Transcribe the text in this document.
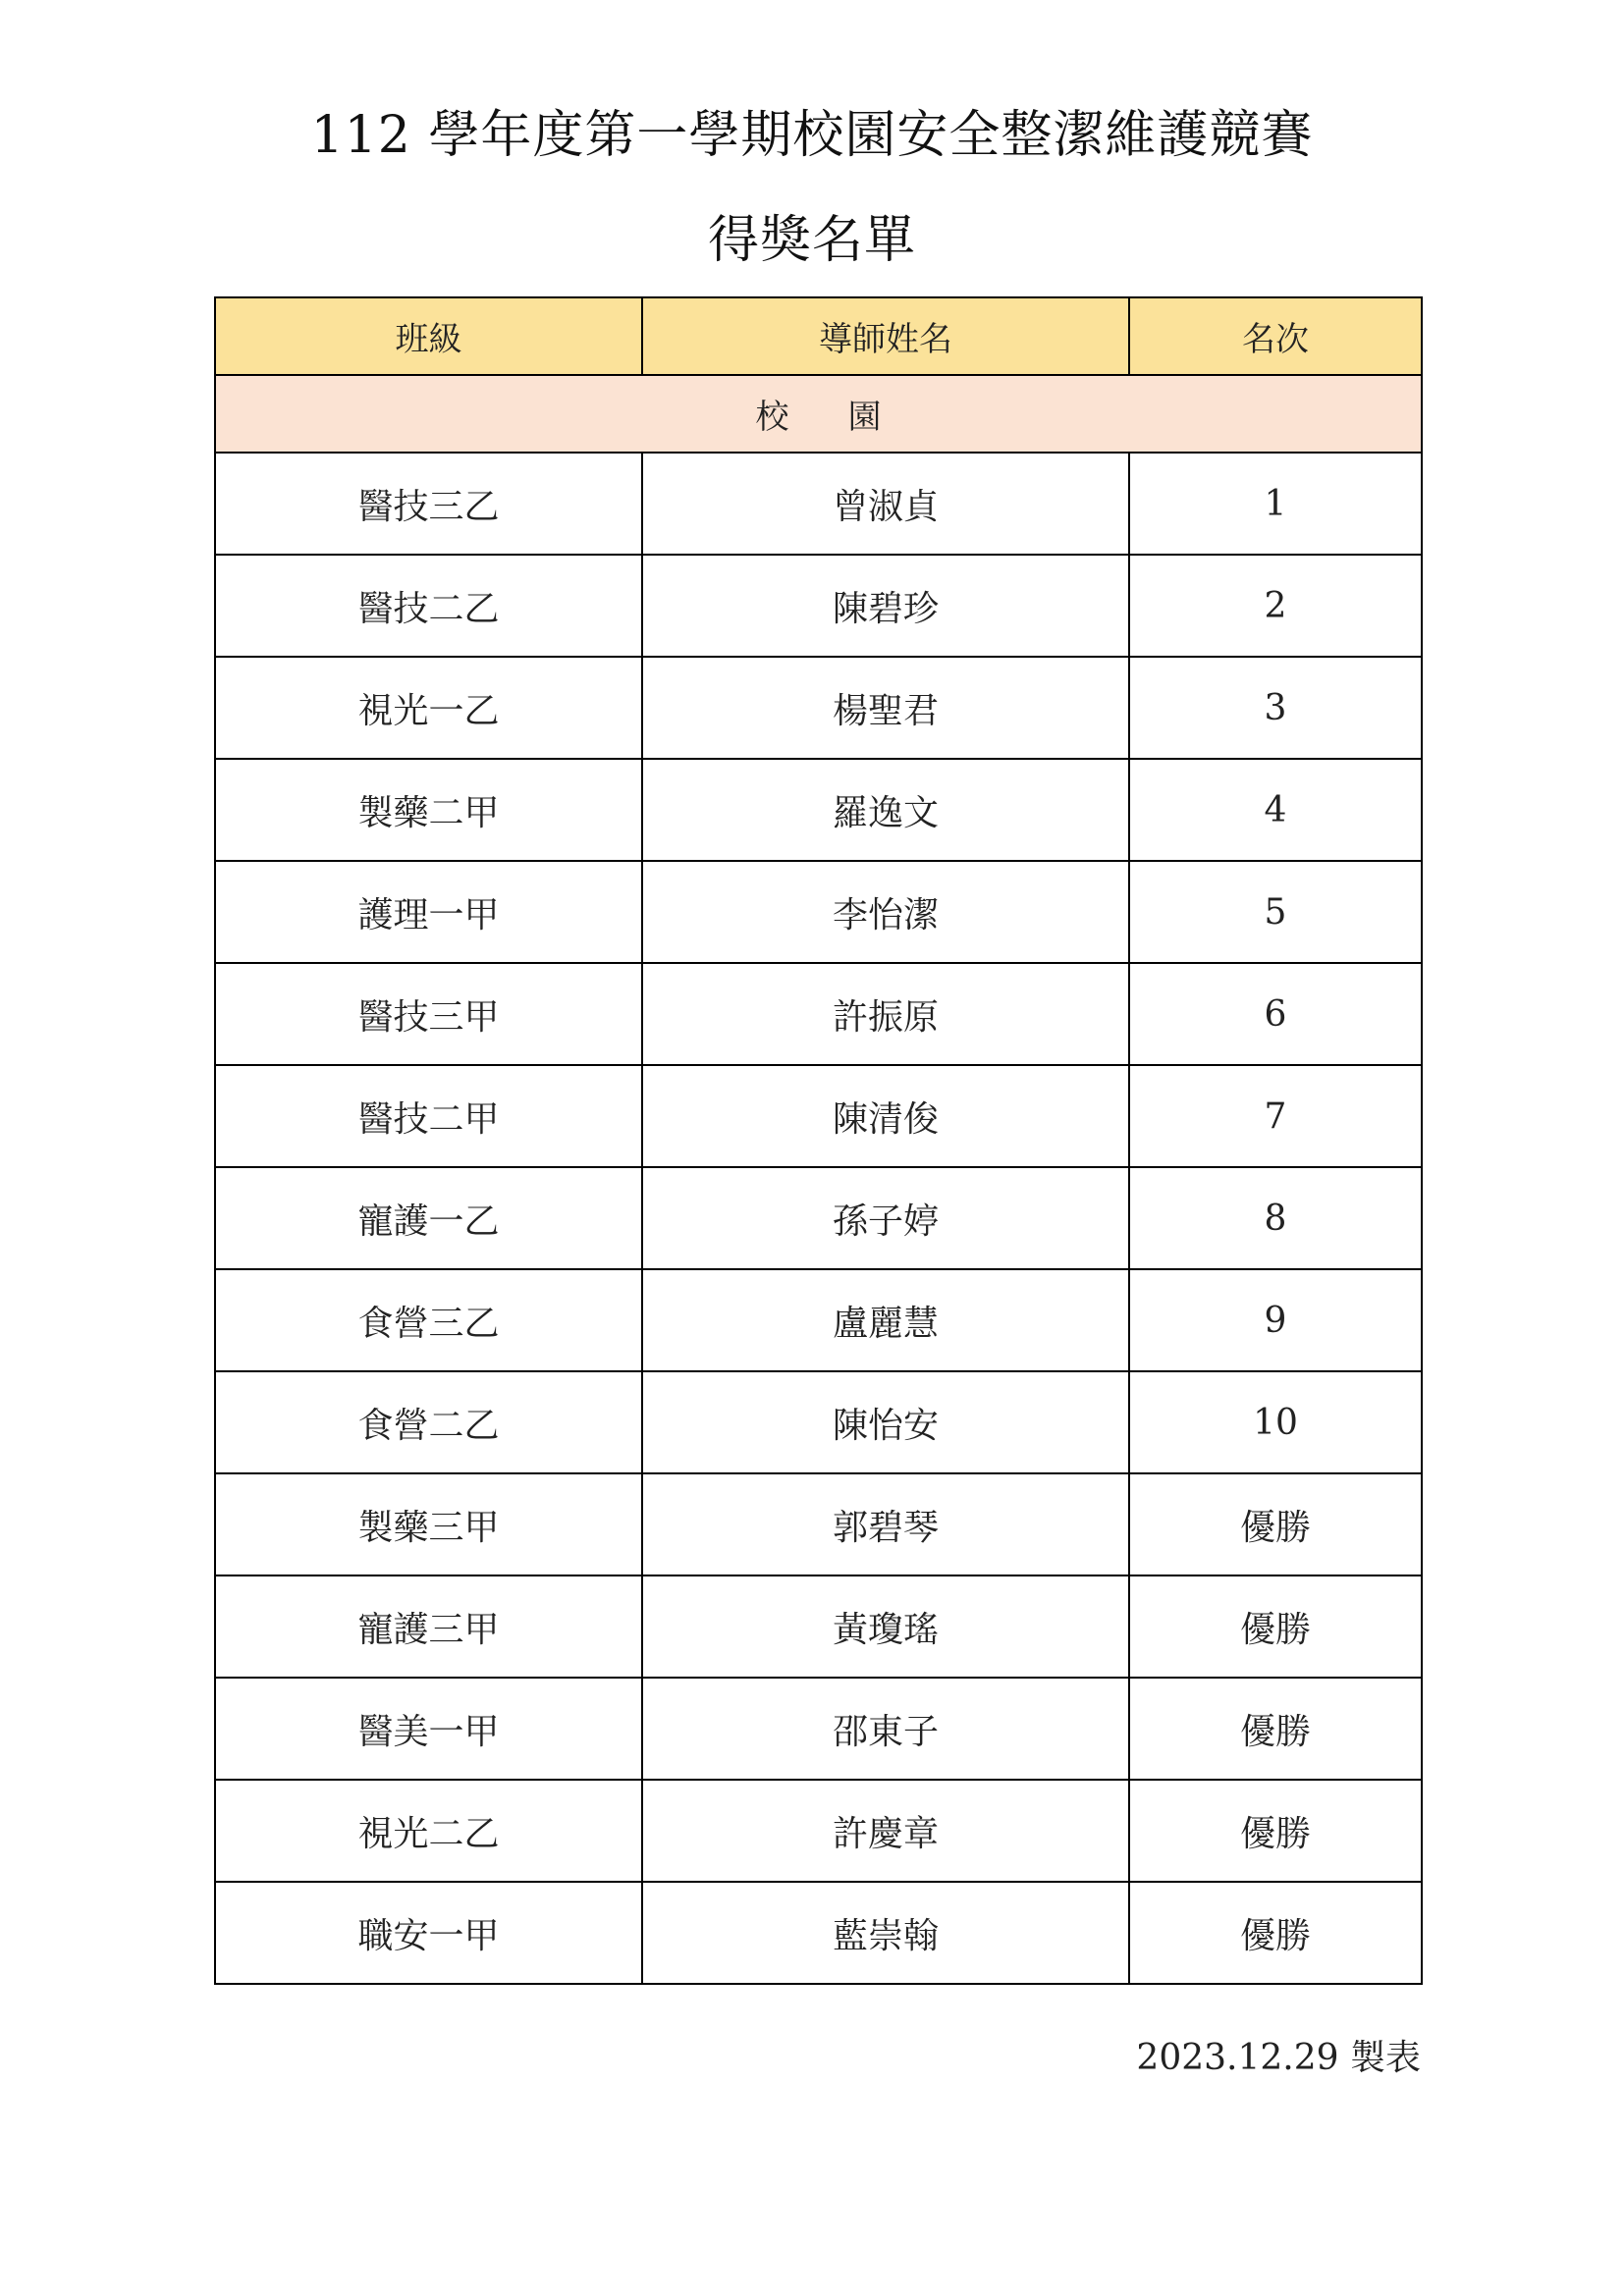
112 學年度第一學期校園安全整潔維護競賽
得獎名單
班級	導師姓名	名次
校園		
醫技三乙	曾淑貞	1
醫技二乙	陳碧珍	2
視光一乙	楊聖君	3
製藥二甲	羅逸文	4
護理一甲	李怡潔	5
醫技三甲	許振原	6
醫技二甲	陳清俊	7
寵護一乙	孫子婷	8
食營三乙	盧麗慧	9
食營二乙	陳怡安	10
製藥三甲	郭碧琴	優勝
寵護三甲	黃瓊瑤	優勝
醫美一甲	邵東子	優勝
視光二乙	許慶章	優勝
職安一甲	藍崇翰	優勝
2023.12.29 製表
